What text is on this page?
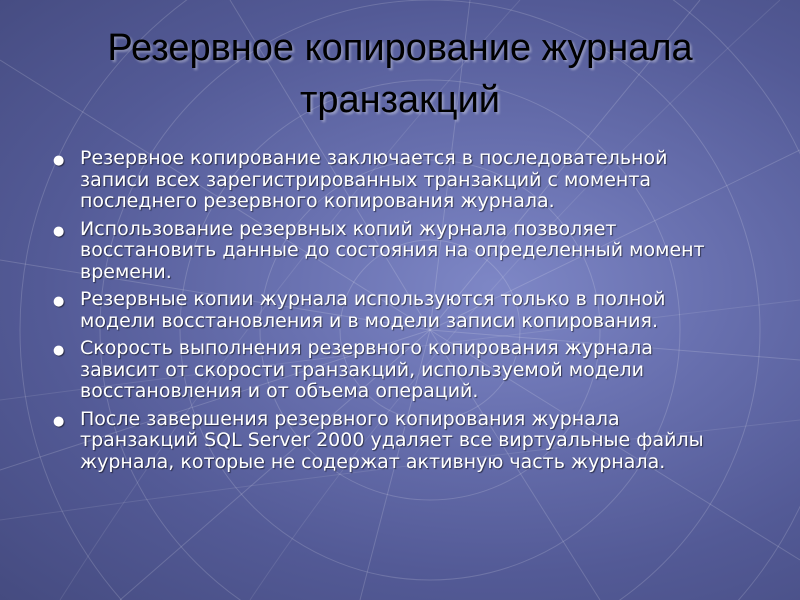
Резервное копирование журнала транзакций
● Резервное копирование заключается в последовательной записи всех зарегистрированных транзакций с момента последнего резервного копирования журнала.
● Использование резервных копий журнала позволяет восстановить данные до состояния на определенный момент времени.
● Резервные копии журнала используются только в полной модели восстановления и в модели записи копирования.
● Скорость выполнения резервного копирования журнала зависит от скорости транзакций, используемой модели восстановления и от объема операций.
● После завершения резервного копирования журнала транзакций SQL Server 2000 удаляет все виртуальные файлы журнала, которые не содержат активную часть журнала.
